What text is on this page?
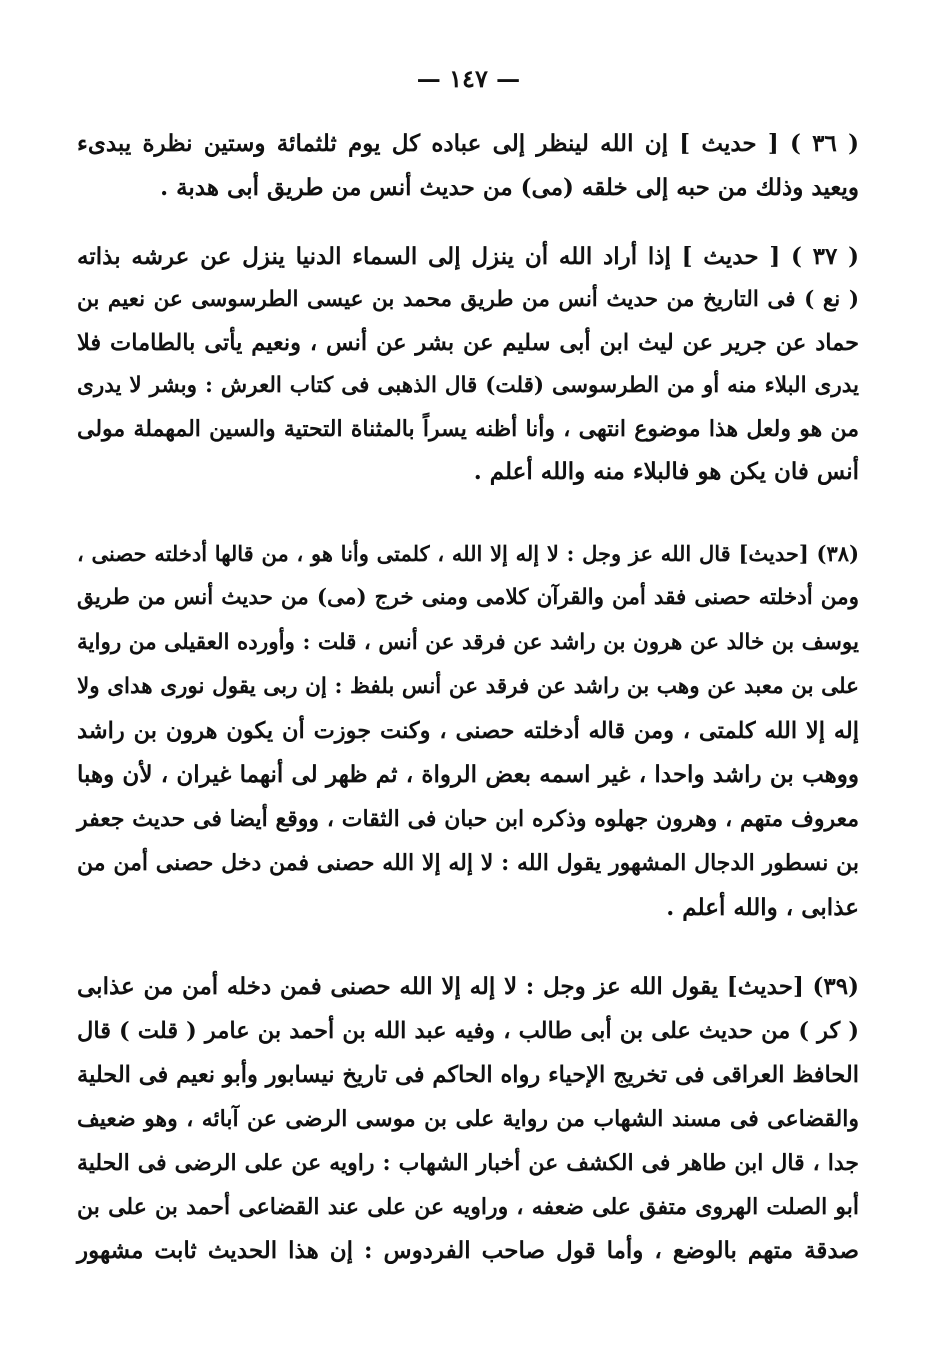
— ١٤٧ —
( ٣٦ ) [ حديث ] إن الله لينظر إلى عباده كل يوم ثلثمائة وستين نظرة يبدىء
ويعيد وذلك من حبه إلى خلقه (مى) من حديث أنس من طريق أبى هدبة .
( ٣٧ ) [ حديث ] إذا أراد الله أن ينزل إلى السماء الدنيا ينزل عن عرشه بذاته
( نع ) فى التاريخ من حديث أنس من طريق محمد بن عيسى الطرسوسى عن نعيم بن
حماد عن جرير عن ليث ابن أبى سليم عن بشر عن أنس ، ونعيم يأتى بالطامات فلا
يدرى البلاء منه أو من الطرسوسى (قلت) قال الذهبى فى كتاب العرش : وبشر لا يدرى
من هو ولعل هذا موضوع انتهى ، وأنا أظنه يسراً بالمثناة التحتية والسين المهملة مولى
أنس فان يكن هو فالبلاء منه والله أعلم .
(٣٨) [حديث] قال الله عز وجل : لا إله إلا الله ، كلمتى وأنا هو ، من قالها أدخلته حصنى ،
ومن أدخلته حصنى فقد أمن والقرآن كلامى ومنى خرج (مى) من حديث أنس من طريق
يوسف بن خالد عن هرون بن راشد عن فرقد عن أنس ، قلت : وأورده العقيلى من رواية
على بن معبد عن وهب بن راشد عن فرقد عن أنس بلفظ : إن ربى يقول نورى هداى ولا
إله إلا الله كلمتى ، ومن قاله أدخلته حصنى ، وكنت جوزت أن يكون هرون بن راشد
ووهب بن راشد واحدا ، غير اسمه بعض الرواة ، ثم ظهر لى أنهما غيران ، لأن وهبا
معروف متهم ، وهرون جهلوه وذكره ابن حبان فى الثقات ، ووقع أيضا فى حديث جعفر
بن نسطور الدجال المشهور يقول الله : لا إله إلا الله حصنى فمن دخل حصنى أمن من
عذابى ، والله أعلم .
(٣٩) [حديث] يقول الله عز وجل : لا إله إلا الله حصنى فمن دخله أمن من عذابى
( كر ) من حديث على بن أبى طالب ، وفيه عبد الله بن أحمد بن عامر ( قلت ) قال
الحافظ العراقى فى تخريج الإحياء رواه الحاكم فى تاريخ نيسابور وأبو نعيم فى الحلية
والقضاعى فى مسند الشهاب من رواية على بن موسى الرضى عن آبائه ، وهو ضعيف
جدا ، قال ابن طاهر فى الكشف عن أخبار الشهاب : راويه عن على الرضى فى الحلية
أبو الصلت الهروى متفق على ضعفه ، وراويه عن على عند القضاعى أحمد بن على بن
صدقة متهم بالوضع ، وأما قول صاحب الفردوس : إن هذا الحديث ثابت مشهور
